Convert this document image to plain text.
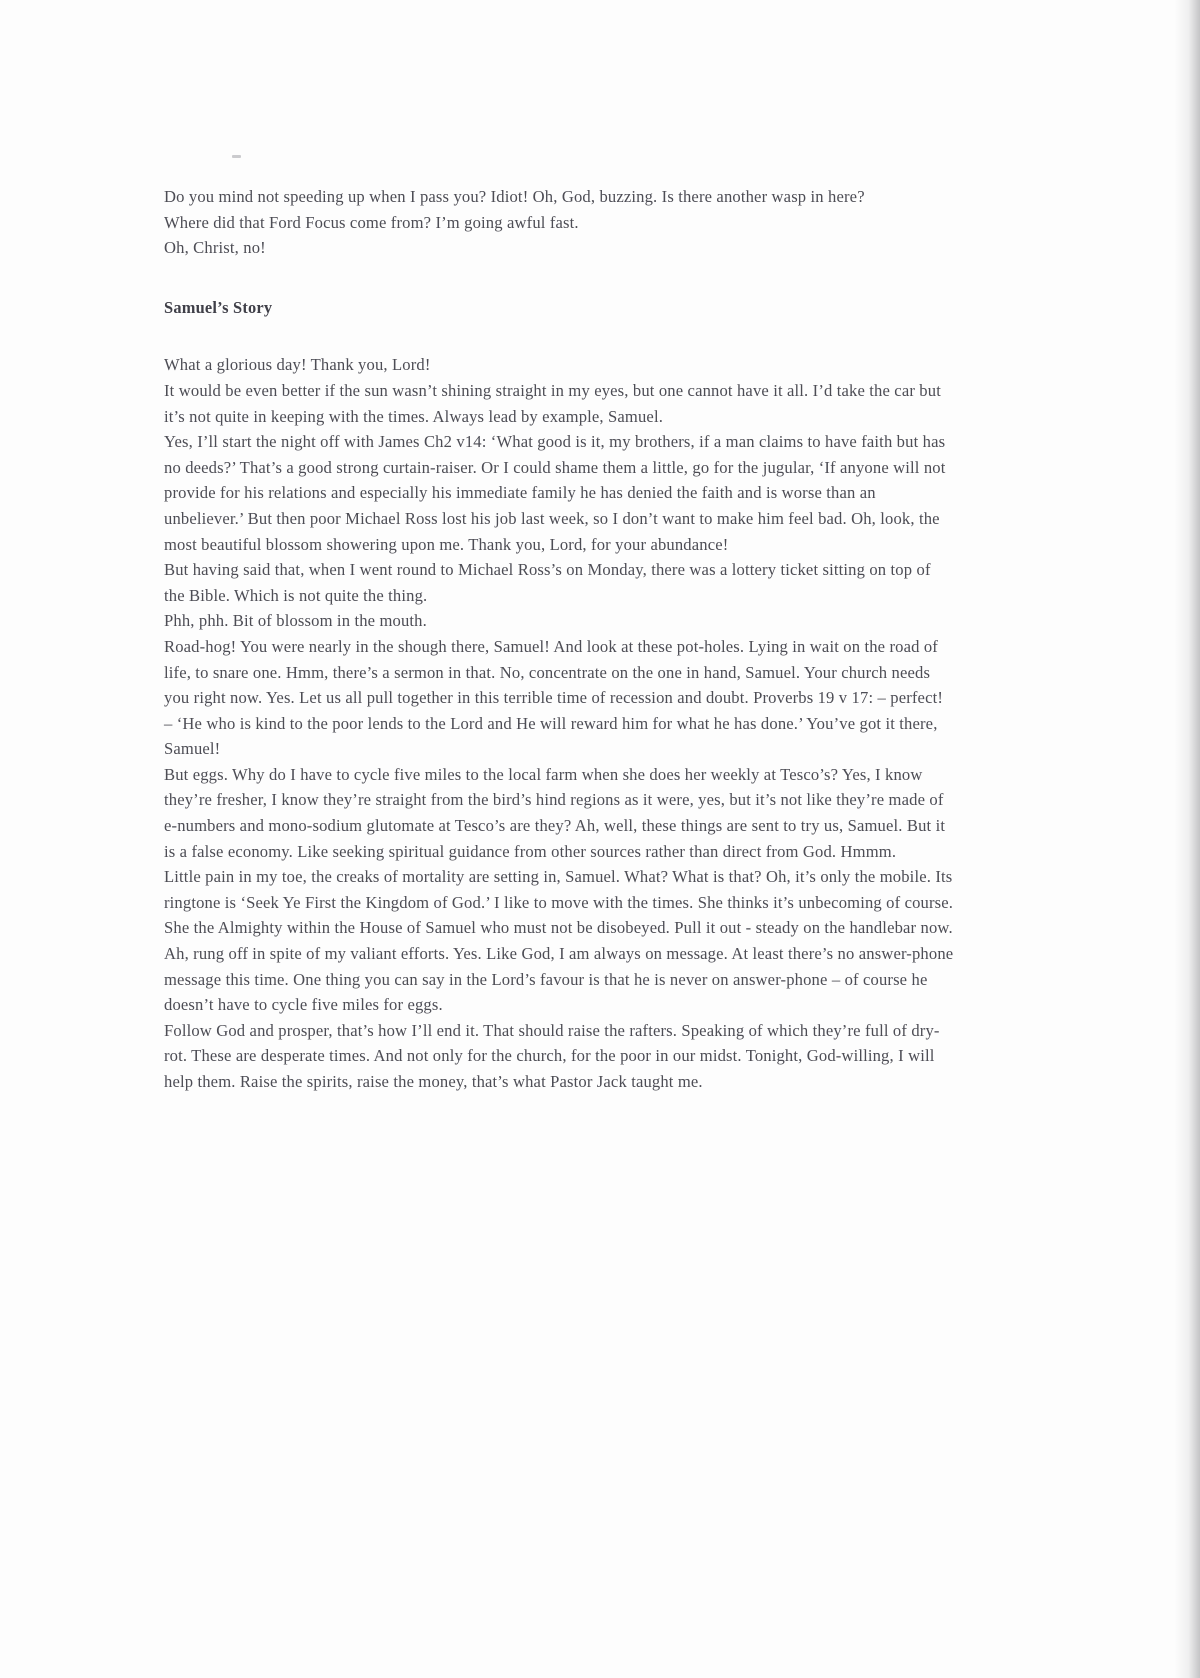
Do you mind not speeding up when I pass you? Idiot! Oh, God, buzzing. Is there another wasp in here?

Where did that Ford Focus come from? I’m going awful fast.

Oh, Christ, no!

Samuel’s Story

What a glorious day! Thank you, Lord!

It would be even better if the sun wasn’t shining straight in my eyes, but one cannot have it all. I’d take the car but it’s not quite in keeping with the times. Always lead by example, Samuel.

Yes, I’ll start the night off with James Ch2 v14: ‘What good is it, my brothers, if a man claims to have faith but has no deeds?’ That’s a good strong curtain-raiser. Or I could shame them a little, go for the jugular, ‘If anyone will not provide for his relations and especially his immediate family he has denied the faith and is worse than an unbeliever.’ But then poor Michael Ross lost his job last week, so I don’t want to make him feel bad. Oh, look, the most beautiful blossom showering upon me. Thank you, Lord, for your abundance!

But having said that, when I went round to Michael Ross’s on Monday, there was a lottery ticket sitting on top of the Bible. Which is not quite the thing.

Phh, phh. Bit of blossom in the mouth.

Road-hog! You were nearly in the shough there, Samuel! And look at these pot-holes. Lying in wait on the road of life, to snare one. Hmm, there’s a sermon in that. No, concentrate on the one in hand, Samuel. Your church needs you right now. Yes. Let us all pull together in this terrible time of recession and doubt. Proverbs 19 v 17: – perfect! – ‘He who is kind to the poor lends to the Lord and He will reward him for what he has done.’ You’ve got it there, Samuel!

But eggs. Why do I have to cycle five miles to the local farm when she does her weekly at Tesco’s? Yes, I know they’re fresher, I know they’re straight from the bird’s hind regions as it were, yes, but it’s not like they’re made of e-numbers and mono-sodium glutomate at Tesco’s are they? Ah, well, these things are sent to try us, Samuel. But it is a false economy. Like seeking spiritual guidance from other sources rather than direct from God. Hmmm.

Little pain in my toe, the creaks of mortality are setting in, Samuel. What? What is that? Oh, it’s only the mobile. Its ringtone is ‘Seek Ye First the Kingdom of God.’ I like to move with the times. She thinks it’s unbecoming of course. She the Almighty within the House of Samuel who must not be disobeyed. Pull it out - steady on the handlebar now. Ah, rung off in spite of my valiant efforts. Yes. Like God, I am always on message. At least there’s no answer-phone message this time. One thing you can say in the Lord’s favour is that he is never on answer-phone – of course he doesn’t have to cycle five miles for eggs.

Follow God and prosper, that’s how I’ll end it. That should raise the rafters. Speaking of which they’re full of dry-rot. These are desperate times. And not only for the church, for the poor in our midst. Tonight, God-willing, I will help them. Raise the spirits, raise the money, that’s what Pastor Jack taught me.
